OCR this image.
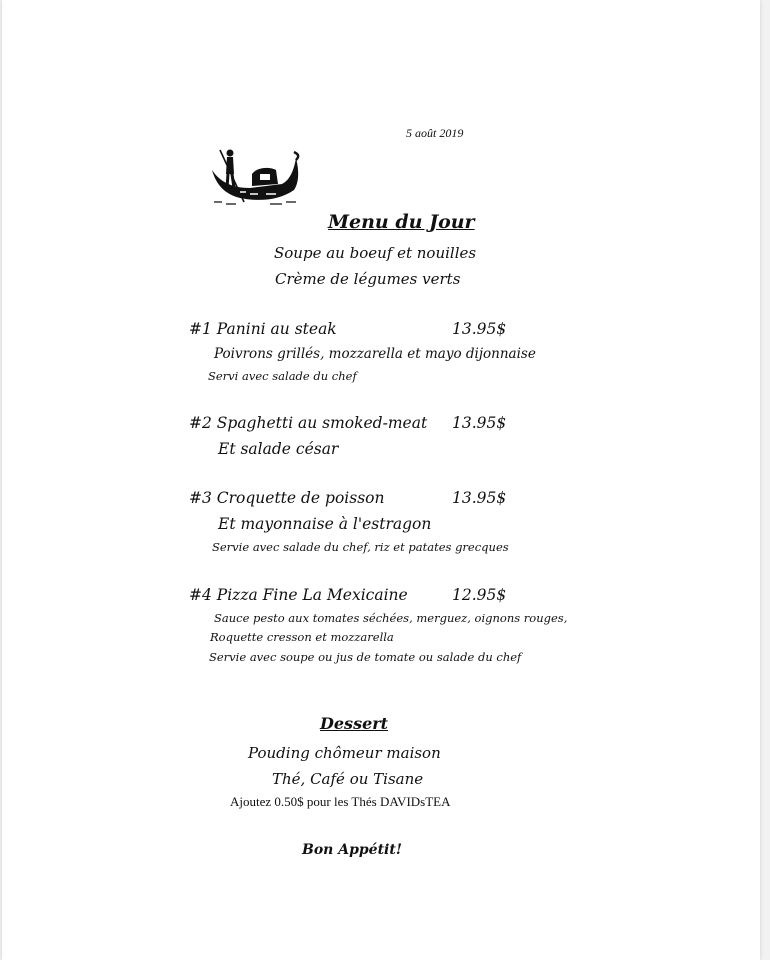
5 août 2019
Menu du Jour
Soupe au boeuf et nouilles
Crème de légumes verts
#1 Panini au steak	13.95$
Poivrons grillés, mozzarella et mayo dijonnaise
Servi avec salade du chef
#2 Spaghetti au smoked-meat 13.95$
Et salade césar
#3 Croquette de poisson	13.95$
Et mayonnaise à l'estragon
Servie avec salade du chef, riz et patates grecques
#4 Pizza Fine La Mexicaine	12.95$
Sauce pesto aux tomates séchées, merguez, oignons rouges,
Roquette cresson et mozzarella
Servie avec soupe ou jus de tomate ou salade du chef
Dessert
Pouding chômeur maison
Thé, Café ou Tisane
Ajoutez 0.50$ pour les Thés DAVIDsTEA
Bon Appétit!
